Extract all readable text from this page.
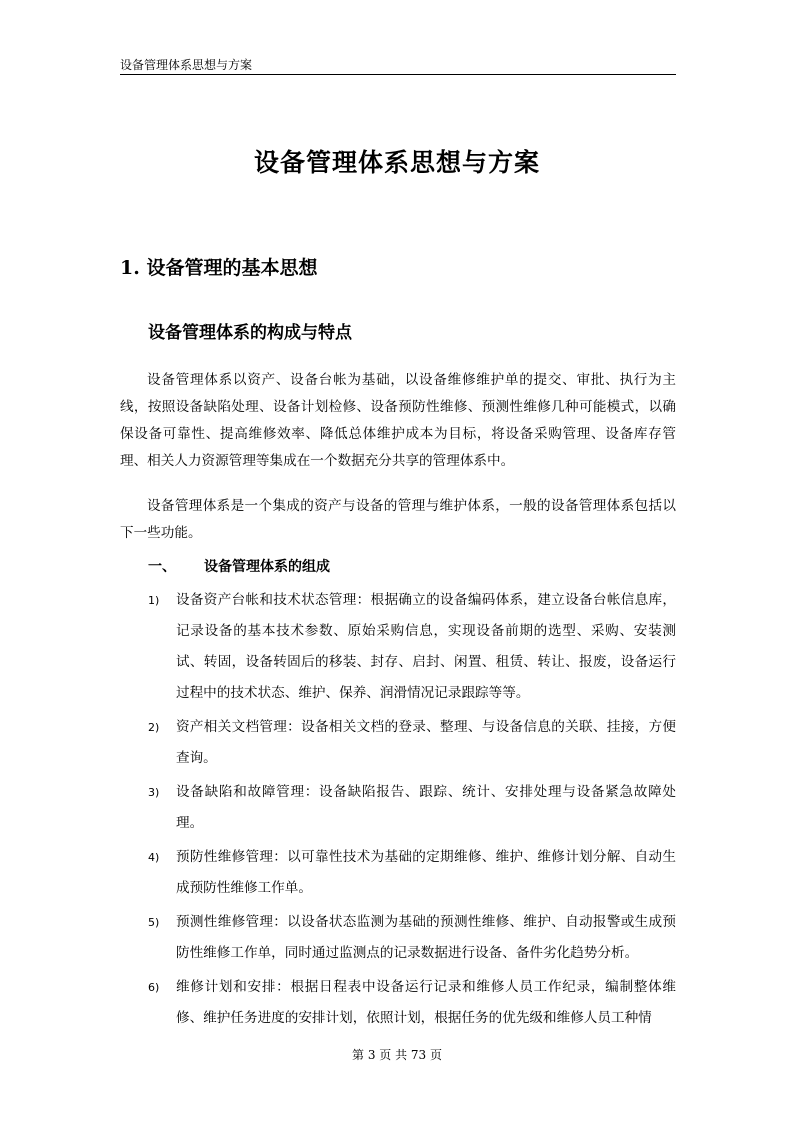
设备管理体系思想与方案
设备管理体系思想与方案
1. 设备管理的基本思想
设备管理体系的构成与特点
设备管理体系以资产、设备台帐为基础，以设备维修维护单的提交、审批、执行为主线，按照设备缺陷处理、设备计划检修、设备预防性维修、预测性维修几种可能模式，以确保设备可靠性、提高维修效率、降低总体维护成本为目标，将设备采购管理、设备库存管理、相关人力资源管理等集成在一个数据充分共享的管理体系中。
设备管理体系是一个集成的资产与设备的管理与维护体系，一般的设备管理体系包括以下一些功能。
一、 设备管理体系的组成
1) 设备资产台帐和技术状态管理：根据确立的设备编码体系，建立设备台帐信息库，记录设备的基本技术参数、原始采购信息，实现设备前期的选型、采购、安装测试、转固，设备转固后的移装、封存、启封、闲置、租赁、转让、报废，设备运行过程中的技术状态、维护、保养、润滑情况记录跟踪等等。
2) 资产相关文档管理：设备相关文档的登录、整理、与设备信息的关联、挂接，方便查询。
3) 设备缺陷和故障管理：设备缺陷报告、跟踪、统计、安排处理与设备紧急故障处理。
4) 预防性维修管理：以可靠性技术为基础的定期维修、维护、维修计划分解、自动生成预防性维修工作单。
5) 预测性维修管理：以设备状态监测为基础的预测性维修、维护、自动报警或生成预防性维修工作单，同时通过监测点的记录数据进行设备、备件劣化趋势分析。
6) 维修计划和安排：根据日程表中设备运行记录和维修人员工作纪录，编制整体维修、维护任务进度的安排计划，依照计划，根据任务的优先级和维修人员工种情
第 3 页 共 73 页
